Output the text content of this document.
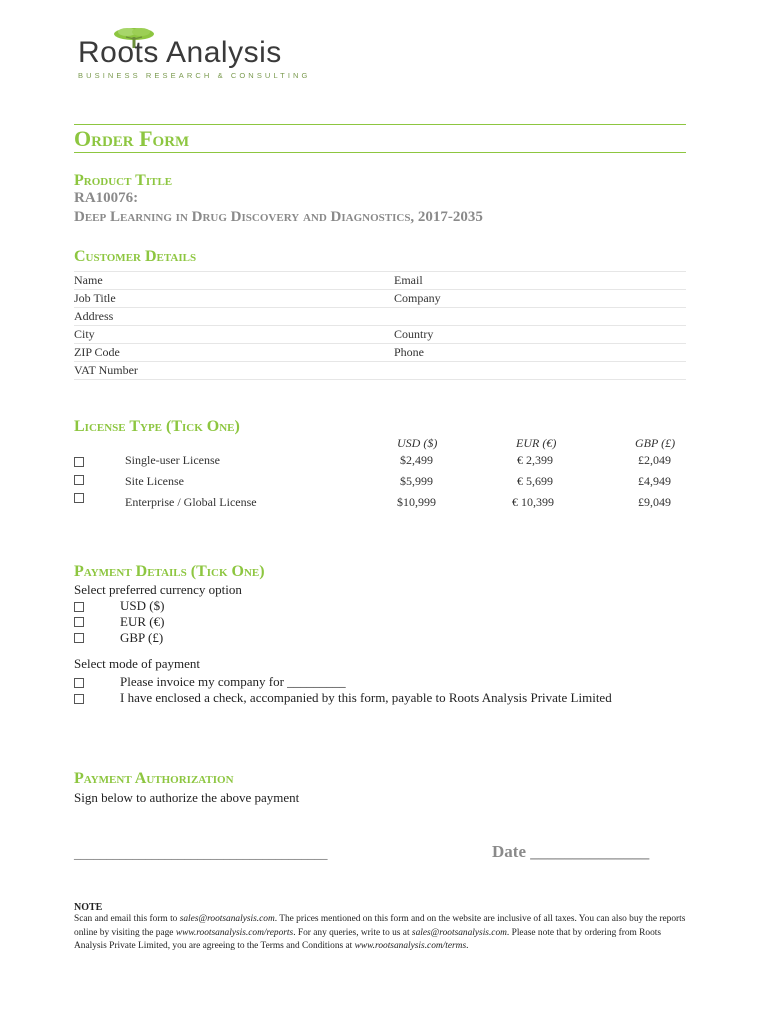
Roots Analysis
BUSINESS RESEARCH & CONSULTING
Order Form
Product Title
RA10076:
Deep Learning in Drug Discovery and Diagnostics, 2017-2035
Customer Details
Name	Email
Job Title	Company
Address
City	Country
ZIP Code	Phone
VAT Number
License Type (Tick One)
USD ($)	EUR (€)	GBP (£)
Single-user License	$2,499	€ 2,399	£2,049
Site License	$5,999	€ 5,699	£4,949
Enterprise / Global License	$10,999	€ 10,399	£9,049
Payment Details (Tick One)
Select preferred currency option
USD ($)
EUR (€)
GBP (£)
Select mode of payment
Please invoice my company for _________
I have enclosed a check, accompanied by this form, payable to Roots Analysis Private Limited
Payment Authorization
Sign below to authorize the above payment
_______________________________________	Date ______________
NOTE
Scan and email this form to sales@rootsanalysis.com. The prices mentioned on this form and on the website are inclusive of all taxes. You can also buy the reports online by visiting the page www.rootsanalysis.com/reports. For any queries, write to us at sales@rootsanalysis.com. Please note that by ordering from Roots Analysis Private Limited, you are agreeing to the Terms and Conditions at www.rootsanalysis.com/terms.
